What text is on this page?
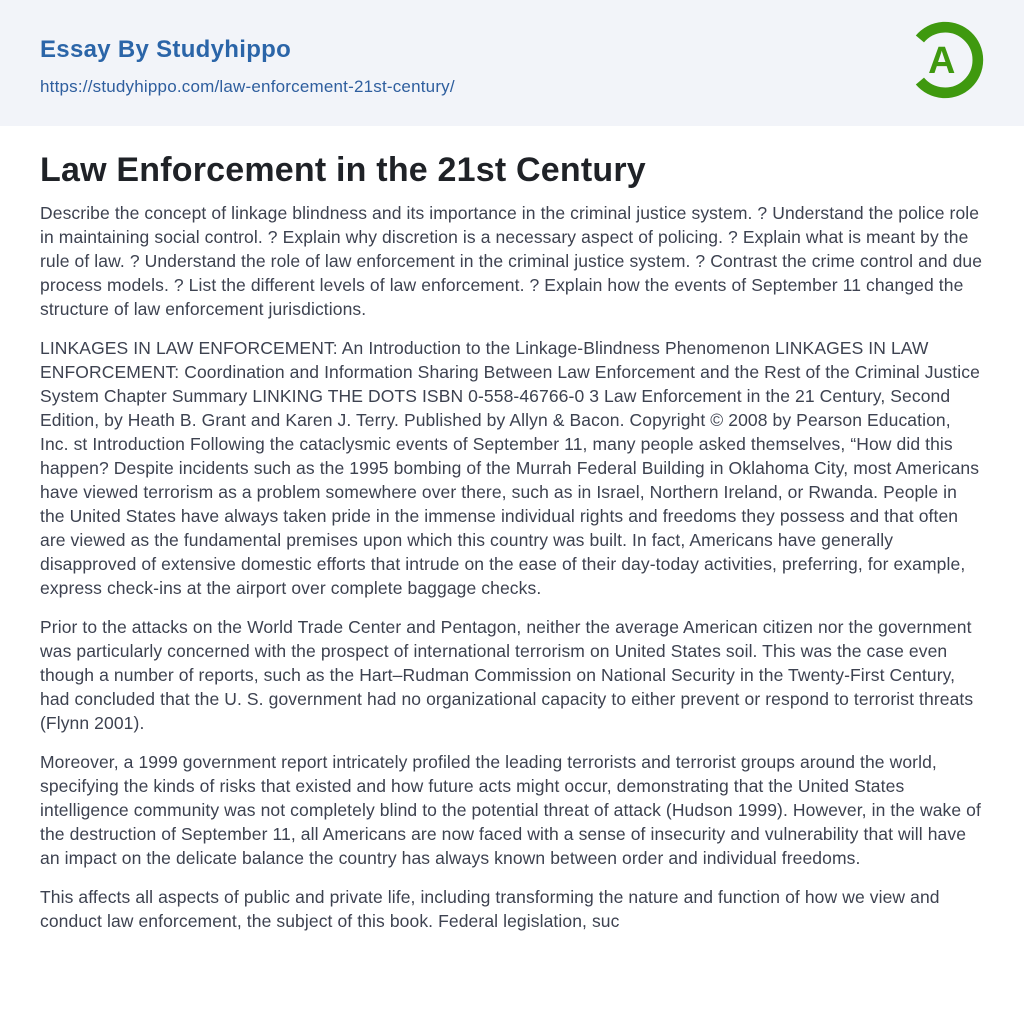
Essay By Studyhippo
https://studyhippo.com/law-enforcement-21st-century/
A
Law Enforcement in the 21st Century

Describe the concept of linkage blindness and its importance in the criminal justice system. ? Understand the police role in maintaining social control. ? Explain why discretion is a necessary aspect of policing. ? Explain what is meant by the rule of law. ? Understand the role of law enforcement in the criminal justice system. ? Contrast the crime control and due process models. ? List the different levels of law enforcement. ? Explain how the events of September 11 changed the structure of law enforcement jurisdictions.

LINKAGES IN LAW ENFORCEMENT: An Introduction to the Linkage-Blindness Phenomenon LINKAGES IN LAW ENFORCEMENT: Coordination and Information Sharing Between Law Enforcement and the Rest of the Criminal Justice System Chapter Summary LINKING THE DOTS ISBN 0-558-46766-0 3 Law Enforcement in the 21 Century, Second Edition, by Heath B. Grant and Karen J. Terry. Published by Allyn & Bacon. Copyright © 2008 by Pearson Education, Inc. st Introduction Following the cataclysmic events of September 11, many people asked themselves, “How did this happen? Despite incidents such as the 1995 bombing of the Murrah Federal Building in Oklahoma City, most Americans have viewed terrorism as a problem somewhere over there, such as in Israel, Northern Ireland, or Rwanda. People in the United States have always taken pride in the immense individual rights and freedoms they possess and that often are viewed as the fundamental premises upon which this country was built. In fact, Americans have generally disapproved of extensive domestic efforts that intrude on the ease of their day-today activities, preferring, for example, express check-ins at the airport over complete baggage checks.

Prior to the attacks on the World Trade Center and Pentagon, neither the average American citizen nor the government was particularly concerned with the prospect of international terrorism on United States soil. This was the case even though a number of reports, such as the Hart–Rudman Commission on National Security in the Twenty-First Century, had concluded that the U. S. government had no organizational capacity to either prevent or respond to terrorist threats (Flynn 2001).

Moreover, a 1999 government report intricately profiled the leading terrorists and terrorist groups around the world, specifying the kinds of risks that existed and how future acts might occur, demonstrating that the United States intelligence community was not completely blind to the potential threat of attack (Hudson 1999). However, in the wake of the destruction of September 11, all Americans are now faced with a sense of insecurity and vulnerability that will have an impact on the delicate balance the country has always known between order and individual freedoms.

This affects all aspects of public and private life, including transforming the nature and function of how we view and conduct law enforcement, the subject of this book. Federal legislation, suc
